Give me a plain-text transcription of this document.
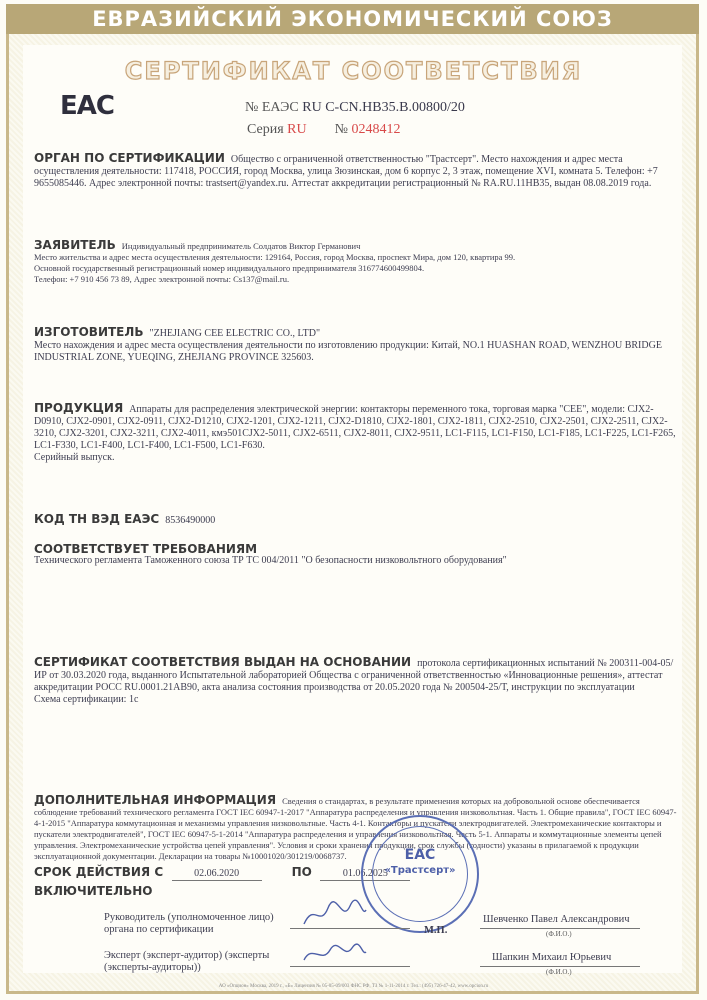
ЕВРАЗИЙСКИЙ ЭКОНОМИЧЕСКИЙ СОЮЗ
СЕРТИФИКАТ СООТВЕТСТВИЯ
EAC	№ ЕАЭС RU C-CN.НВ35.В.00800/20
Серия RU № 0248412
ОРГАН ПО СЕРТИФИКАЦИИ Общество с ограниченной ответственностью "Трастсерт". Место нахождения и адрес места осуществления деятельности: 117418, РОССИЯ, город Москва, улица Зюзинская, дом 6 корпус 2, 3 этаж, помещение XVI, комната 5. Телефон: +7 9655085446. Адрес электронной почты: trastsert@yandex.ru. Аттестат аккредитации регистрационный № RA.RU.11НВ35, выдан 08.08.2019 года.
ЗАЯВИТЕЛЬ Индивидуальный предприниматель Солдатов Виктор Германович
Место жительства и адрес места осуществления деятельности: 129164, Россия, город Москва, проспект Мира, дом 120, квартира 99.
Основной государственный регистрационный номер индивидуального предпринимателя 316774600499804.
Телефон: +7 910 456 73 89, Адрес электронной почты: Cs137@mail.ru.
ИЗГОТОВИТЕЛЬ "ZHEJIANG CEE ELECTRIC CO., LTD"
Место нахождения и адрес места осуществления деятельности по изготовлению продукции: Китай, NO.1 HUASHAN ROAD, WENZHOU BRIDGE INDUSTRIAL ZONE, YUEQING, ZHEJIANG PROVINCE 325603.
ПРОДУКЦИЯ Аппараты для распределения электрической энергии: контакторы переменного тока, торговая марка "CEE", модели: CJX2-D0910, CJX2-0901, CJX2-0911, CJX2-D1210, CJX2-1201, CJX2-1211, CJX2-D1810, CJX2-1801, CJX2-1811, CJX2-2510, CJX2-2501, CJX2-2511, CJX2-3210, CJX2-3201, CJX2-3211, CJX2-4011, кмэ501CJX2-5011, CJX2-6511, CJX2-8011, CJX2-9511, LC1-F115, LC1-F150, LC1-F185, LC1-F225, LC1-F265, LC1-F330, LC1-F400, LC1-F400, LC1-F500, LC1-F630.
Серийный выпуск.
КОД ТН ВЭД ЕАЭС 8536490000
СООТВЕТСТВУЕТ ТРЕБОВАНИЯМ
Технического регламента Таможенного союза ТР ТС 004/2011 "О безопасности низковольтного оборудования"
СЕРТИФИКАТ СООТВЕТСТВИЯ ВЫДАН НА ОСНОВАНИИ протокола сертификационных испытаний № 200311-004-05/ИР от 30.03.2020 года, выданного Испытательной лабораторией Общества с ограниченной ответственностью «Инновационные решения», аттестат аккредитации РОСС RU.0001.21АВ90, акта анализа состояния производства от 20.05.2020 года № 200504-25/Т, инструкции по эксплуатации
Схема сертификации: 1с
ДОПОЛНИТЕЛЬНАЯ ИНФОРМАЦИЯ Сведения о стандартах, в результате применения которых на добровольной основе обеспечивается соблюдение требований технического регламента ГОСТ IEC 60947-1-2017 "Аппаратура распределения и управления низковольтная. Часть 1. Общие правила", ГОСТ IEC 60947-4-1-2015 "Аппаратура коммутационная и механизмы управления низковольтные. Часть 4-1. Контакторы и пускатели электродвигателей. Электромеханические контакторы и пускатели электродвигателей", ГОСТ IEC 60947-5-1-2014 "Аппаратура распределения и управления низковольтная. Часть 5-1. Аппараты и коммутационные элементы цепей управления. Электромеханические устройства цепей управления". Условия и сроки хранения продукции, срок службы (годности) указаны в прилагаемой к продукции эксплуатационной документации. Декларации на товары №10001020/301219/0068737.
СРОК ДЕЙСТВИЯ С	02.06.2020	ПО	01.06.2025
ВКЛЮЧИТЕЛЬНО
EAC
«Трастсерт»
Руководитель (уполномоченное лицо) органа по сертификации
Шевченко Павел Александрович
(Ф.И.О.)
М.П.
Эксперт (эксперт-аудитор) (эксперты (эксперты-аудиторы))
Шапкин Михаил Юрьевич
(Ф.И.О.)
АО «Опцион» Москва, 2019 г., «Б» Лицензия № 05-05-09/003 ФНС РФ, ТЗ № 1-11-2014 г. Тел.: (495) 726-47-42, www.opcion.ru
